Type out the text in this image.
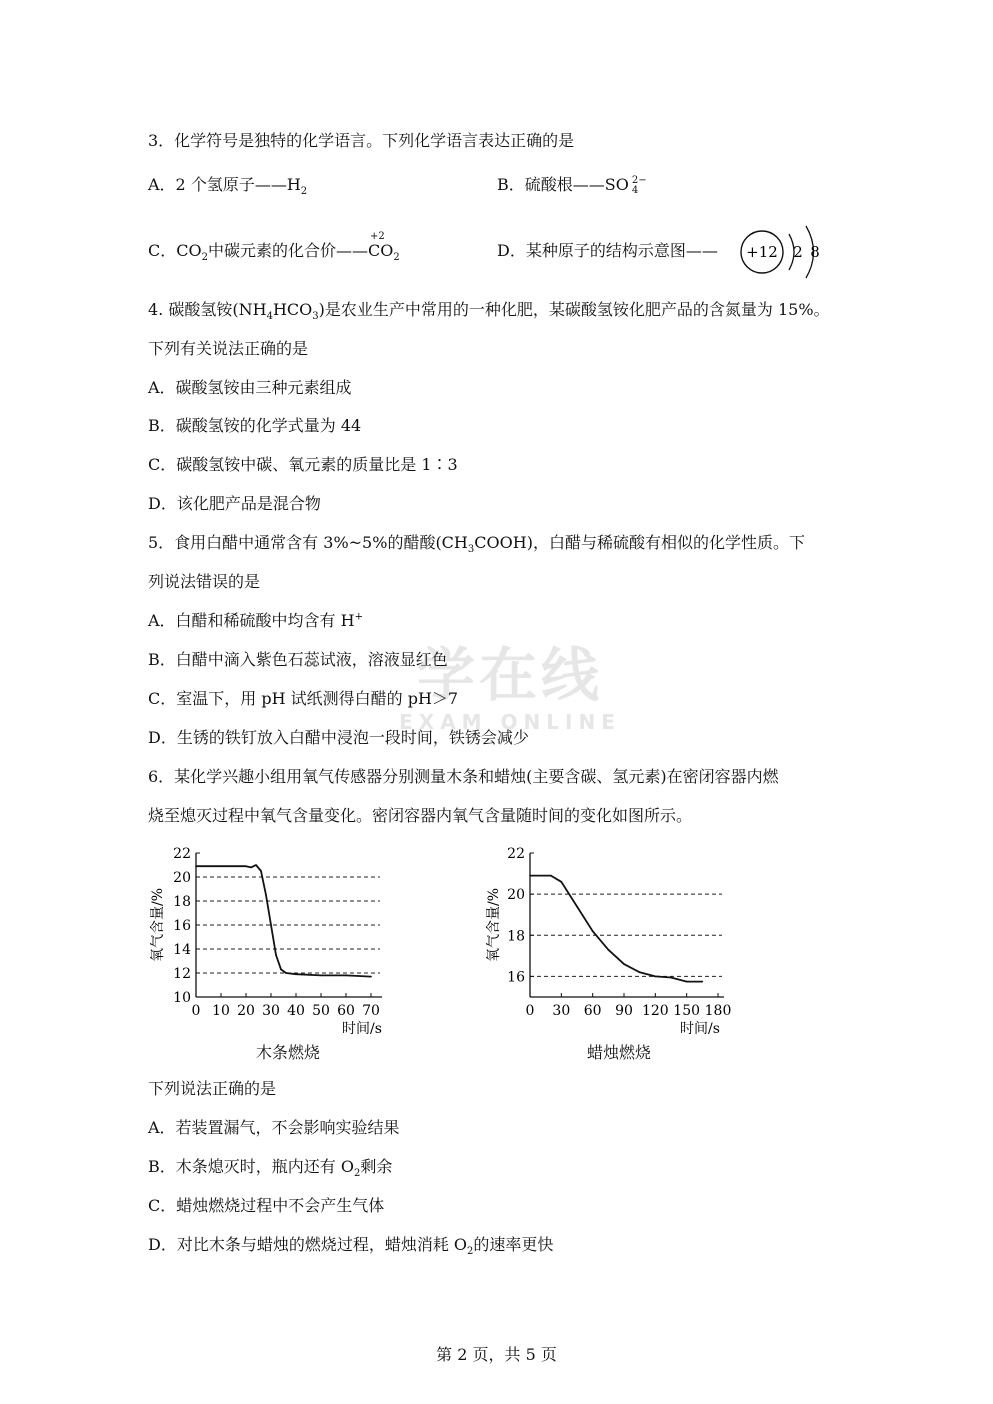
学在线
EXAM ONLINE
3．化学符号是独特的化学语言。下列化学语言表达正确的是
A．2 个氢原子$——H_2$	B．硫酸根——SO 2−
4
C．$CO_2$中碳元素的化合价——
+2
$CO_2$	D．某种原子的结构示意图—— +12 2 8
4. 碳酸氢铵$(NH_4HCO_3)$是农业生产中常用的一种化肥，某碳酸氢铵化肥产品的含氮量为 15%。
下列有关说法正确的是
A．碳酸氢铵由三种元素组成
B．碳酸氢铵的化学式量为 44
C．碳酸氢铵中碳、氧元素的质量比是 1∶3
D．该化肥产品是混合物
5．食用白醋中通常含有 3%~5%的醋酸$(CH_3COOH)$，白醋与稀硫酸有相似的化学性质。下
列说法错误的是
A．白醋和稀硫酸中均含有 H+
B．白醋中滴入紫色石蕊试液，溶液显红色
C．室温下，用 pH 试纸测得白醋的 pH＞7
D．生锈的铁钉放入白醋中浸泡一段时间，铁锈会减少
6．某化学兴趣小组用氧气传感器分别测量木条和蜡烛(主要含碳、氢元素)在密闭容器内燃
烧至熄灭过程中氧气含量变化。密闭容器内氧气含量随时间的变化如图所示。
10
12
14
16
18
20
22
0 10 20 30 40 50 60 70
时间/s
氧气含量/%
木条燃烧
16
18
20
22
0 30 60 90 120 150 180
时间/s
氧气含量/%
蜡烛燃烧
下列说法正确的是
A．若装置漏气，不会影响实验结果
B．木条熄灭时，瓶内还有 $O_2$剩余
C．蜡烛燃烧过程中不会产生气体
D．对比木条与蜡烛的燃烧过程，蜡烛消耗 $O_2$的速率更快
第 2 页，共 5 页
